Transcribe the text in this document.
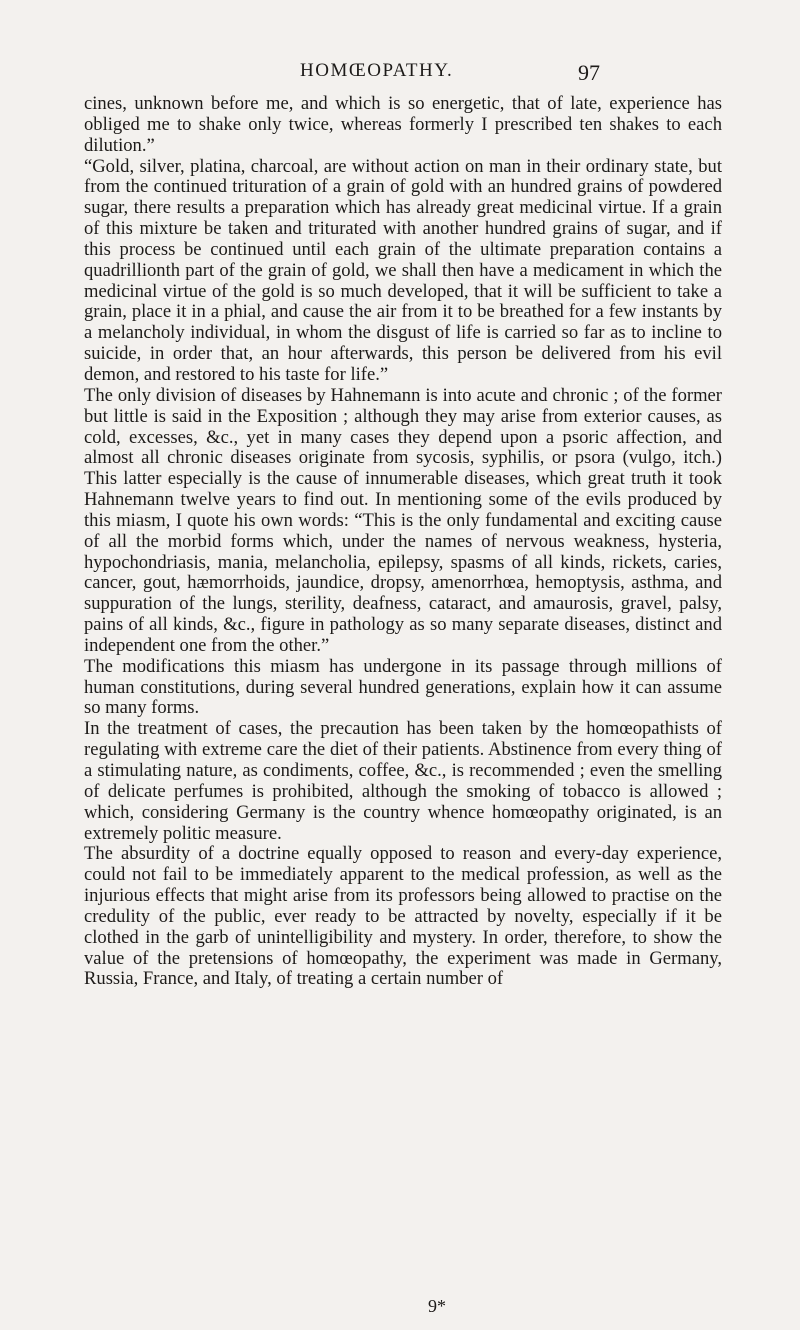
HOMŒOPATHY.	97

cines, unknown before me, and which is so energetic, that of late, experience has obliged me to shake only twice, whereas formerly I prescribed ten shakes to each dilution.”

“Gold, silver, platina, charcoal, are without action on man in their ordinary state, but from the continued trituration of a grain of gold with an hundred grains of powdered sugar, there results a preparation which has already great medicinal virtue. If a grain of this mixture be taken and triturated with another hundred grains of sugar, and if this process be continued until each grain of the ultimate preparation contains a quadrillionth part of the grain of gold, we shall then have a medicament in which the medicinal virtue of the gold is so much developed, that it will be sufficient to take a grain, place it in a phial, and cause the air from it to be breathed for a few instants by a melancholy individual, in whom the disgust of life is carried so far as to incline to suicide, in order that, an hour afterwards, this person be delivered from his evil demon, and restored to his taste for life.”

The only division of diseases by Hahnemann is into acute and chronic ; of the former but little is said in the Exposition ; although they may arise from exterior causes, as cold, excesses, &c., yet in many cases they depend upon a psoric affection, and almost all chronic diseases originate from sycosis, syphilis, or psora (vulgo, itch.) This latter especially is the cause of innumerable diseases, which great truth it took Hahnemann twelve years to find out. In mentioning some of the evils produced by this miasm, I quote his own words: “This is the only fundamental and exciting cause of all the morbid forms which, under the names of nervous weakness, hysteria, hypochondriasis, mania, melancholia, epilepsy, spasms of all kinds, rickets, caries, cancer, gout, hæmorrhoids, jaundice, dropsy, amenorrhœa, hemoptysis, asthma, and suppuration of the lungs, sterility, deafness, cataract, and amaurosis, gravel, palsy, pains of all kinds, &c., figure in pathology as so many separate diseases, distinct and independent one from the other.”

The modifications this miasm has undergone in its passage through millions of human constitutions, during several hundred generations, explain how it can assume so many forms.

In the treatment of cases, the precaution has been taken by the homœopathists of regulating with extreme care the diet of their patients. Abstinence from every thing of a stimulating nature, as condiments, coffee, &c., is recommended ; even the smelling of delicate perfumes is prohibited, although the smoking of tobacco is allowed ; which, considering Germany is the country whence homœopathy originated, is an extremely politic measure.

The absurdity of a doctrine equally opposed to reason and every-day experience, could not fail to be immediately apparent to the medical profession, as well as the injurious effects that might arise from its professors being allowed to practise on the credulity of the public, ever ready to be attracted by novelty, especially if it be clothed in the garb of unintelligibility and mystery. In order, therefore, to show the value of the pretensions of homœopathy, the experiment was made in Germany, Russia, France, and Italy, of treating a certain number of

9*
